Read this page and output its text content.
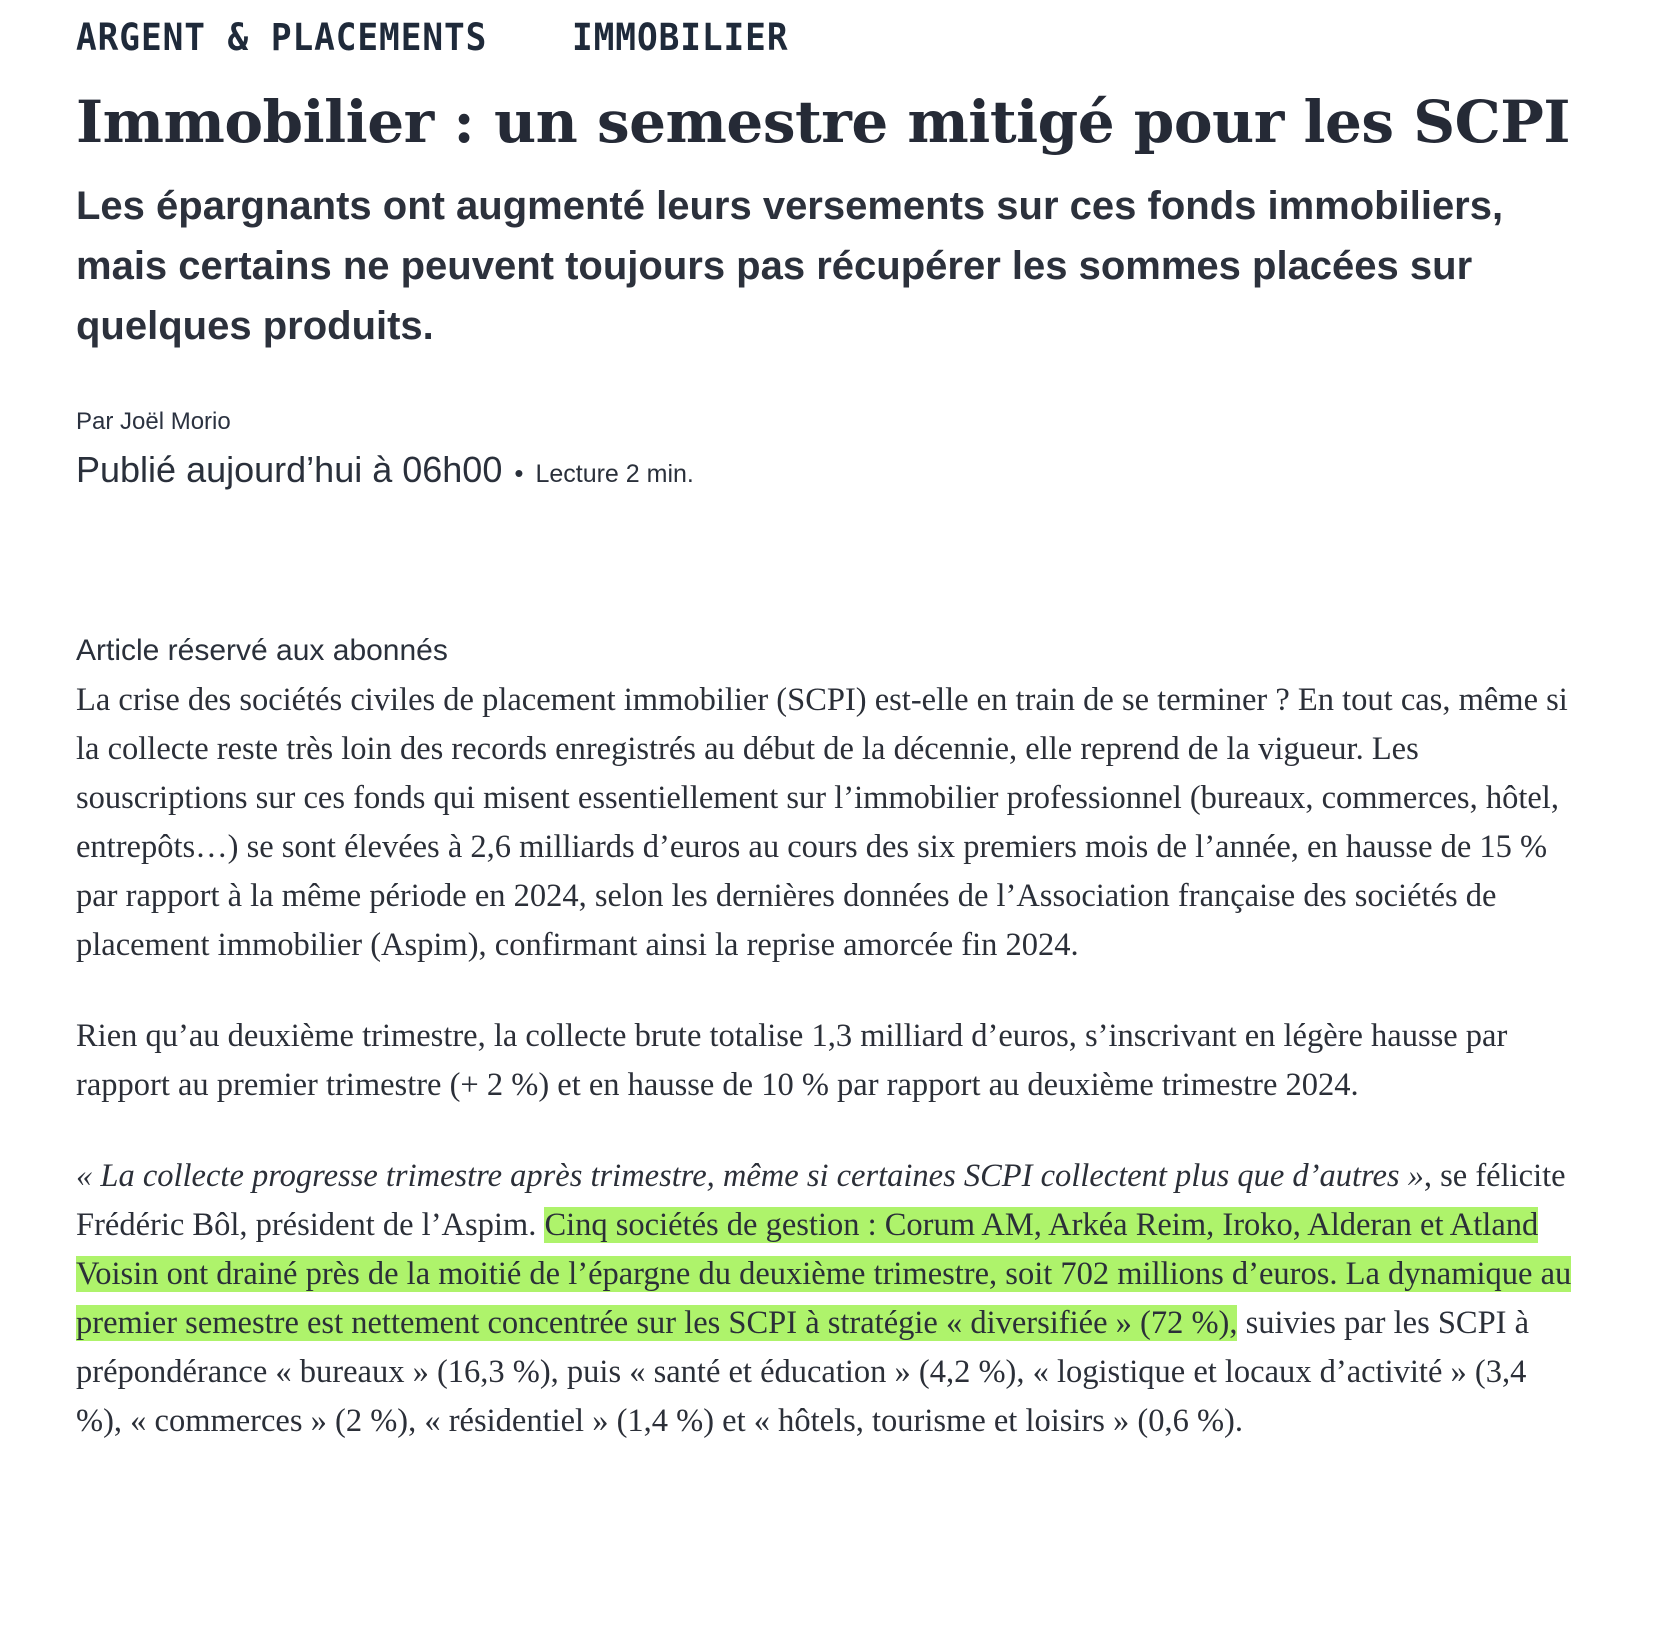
ARGENT & PLACEMENTS IMMOBILIER
Immobilier : un semestre mitigé pour les SCPI

Les épargnants ont augmenté leurs versements sur ces fonds immobiliers, mais certains ne peuvent toujours pas récupérer les sommes placées sur quelques produits.

Par Joël Morio
Publié aujourd’hui à 06h00 • Lecture 2 min.
Article réservé aux abonnés

La crise des sociétés civiles de placement immobilier (SCPI) est-elle en train de se terminer ? En tout cas, même si la collecte reste très loin des records enregistrés au début de la décennie, elle reprend de la vigueur. Les souscriptions sur ces fonds qui misent essentiellement sur l’immobilier professionnel (bureaux, commerces, hôtel, entrepôts…) se sont élevées à 2,6 milliards d’euros au cours des six premiers mois de l’année, en hausse de 15 % par rapport à la même période en 2024, selon les dernières données de l’Association française des sociétés de placement immobilier (Aspim), confirmant ainsi la reprise amorcée fin 2024.

Rien qu’au deuxième trimestre, la collecte brute totalise 1,3 milliard d’euros, s’inscrivant en légère hausse par rapport au premier trimestre (+ 2 %) et en hausse de 10 % par rapport au deuxième trimestre 2024.

« La collecte progresse trimestre après trimestre, même si certaines SCPI collectent plus que d’autres », se félicite Frédéric Bôl, président de l’Aspim. Cinq sociétés de gestion : Corum AM, Arkéa Reim, Iroko, Alderan et Atland Voisin ont drainé près de la moitié de l’épargne du deuxième trimestre, soit 702 millions d’euros. La dynamique au premier semestre est nettement concentrée sur les SCPI à stratégie « diversifiée » (72 %), suivies par les SCPI à prépondérance « bureaux » (16,3 %), puis « santé et éducation » (4,2 %), « logistique et locaux d’activité » (3,4 %), « commerces » (2 %), « résidentiel » (1,4 %) et « hôtels, tourisme et loisirs » (0,6 %).
